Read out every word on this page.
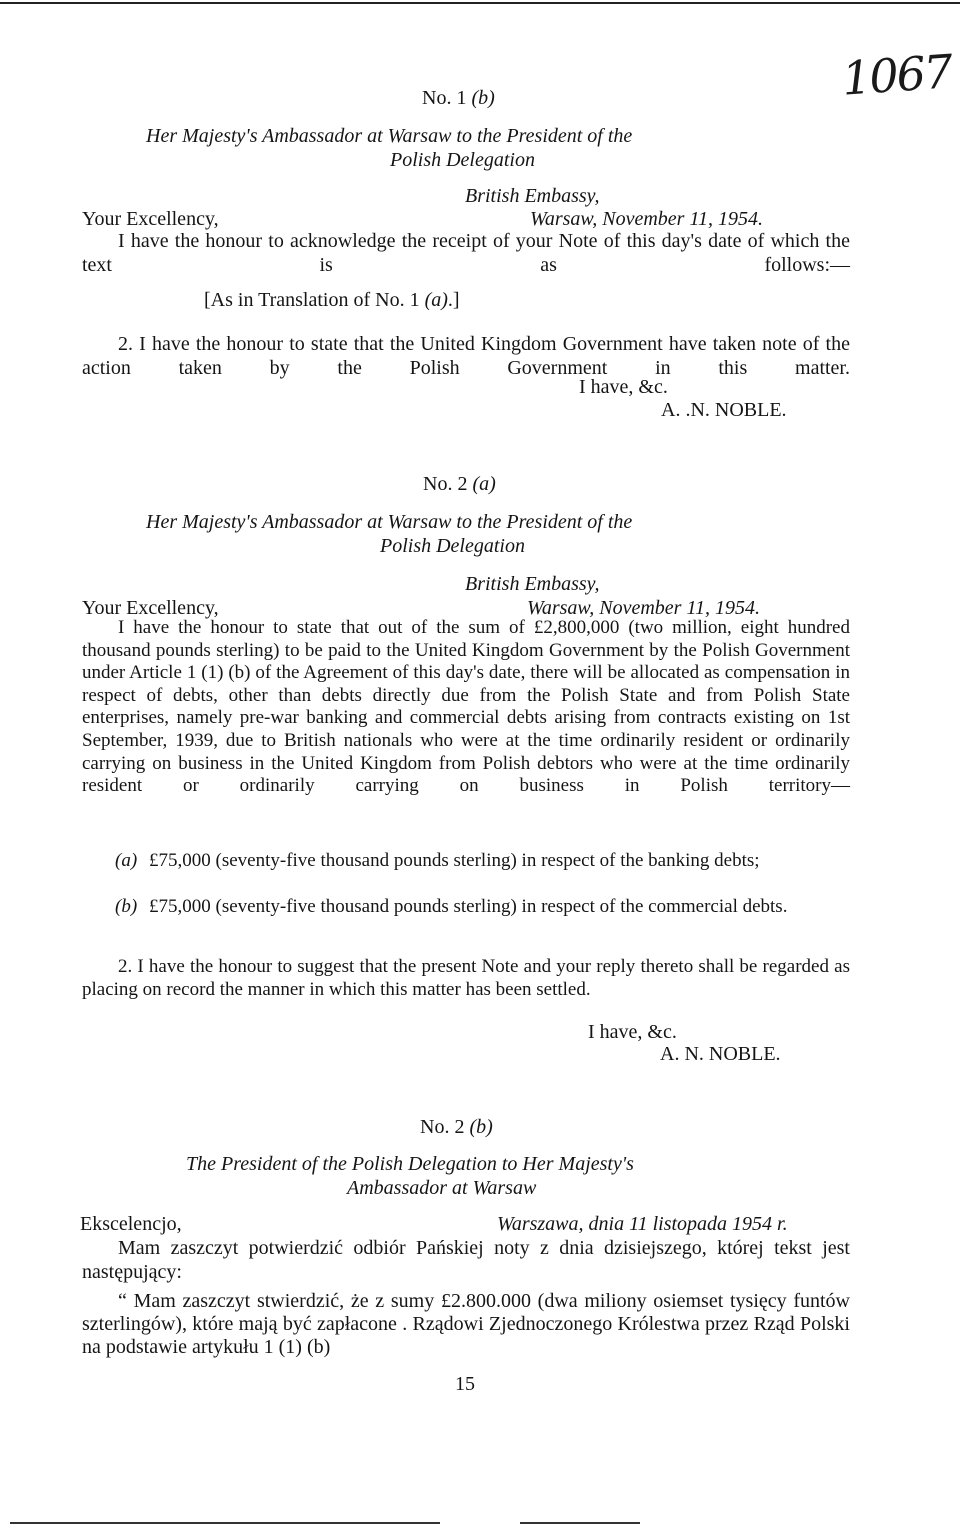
1067
No. 1 (b)
Her Majesty's Ambassador at Warsaw to the President of the
Polish Delegation
British Embassy,
Your Excellency,	Warsaw, November 11, 1954.
I have the honour to acknowledge the receipt of your Note of this day's date of which the text is as follows:—
[As in Translation of No. 1 (a).]
2. I have the honour to state that the United Kingdom Government have taken note of the action taken by the Polish Government in this matter.
I have, &c.
A. .N. NOBLE.
No. 2 (a)
Her Majesty's Ambassador at Warsaw to the President of the
Polish Delegation
British Embassy,
Your Excellency,	Warsaw, November 11, 1954.
I have the honour to state that out of the sum of £2,800,000 (two million, eight hundred thousand pounds sterling) to be paid to the United Kingdom Government by the Polish Government under Article 1 (1) (b) of the Agreement of this day's date, there will be allocated as compensation in respect of debts, other than debts directly due from the Polish State and from Polish State enterprises, namely pre-war banking and commercial debts arising from contracts existing on 1st September, 1939, due to British nationals who were at the time ordinarily resident or ordinarily carrying on business in the United Kingdom from Polish debtors who were at the time ordinarily resident or ordinarily carrying on business in Polish territory—
(a) £75,000 (seventy-five thousand pounds sterling) in respect of the banking debts;
(b) £75,000 (seventy-five thousand pounds sterling) in respect of the commercial debts.
2. I have the honour to suggest that the present Note and your reply thereto shall be regarded as placing on record the manner in which this matter has been settled.
I have, &c.
A. N. NOBLE.
No. 2 (b)
The President of the Polish Delegation to Her Majesty's
Ambassador at Warsaw
Ekscelencjo,	Warszawa, dnia 11 listopada 1954 r.
Mam zaszczyt potwierdzić odbiór Pańskiej noty z dnia dzisiejszego, której tekst jest następujący:
“ Mam zaszczyt stwierdzić, że z sumy £2.800.000 (dwa miliony osiemset tysięcy funtów szterlingów), które mają być zapłacone . Rządowi Zjednoczonego Królestwa przez Rząd Polski na podstawie artykułu 1 (1) (b)
15
